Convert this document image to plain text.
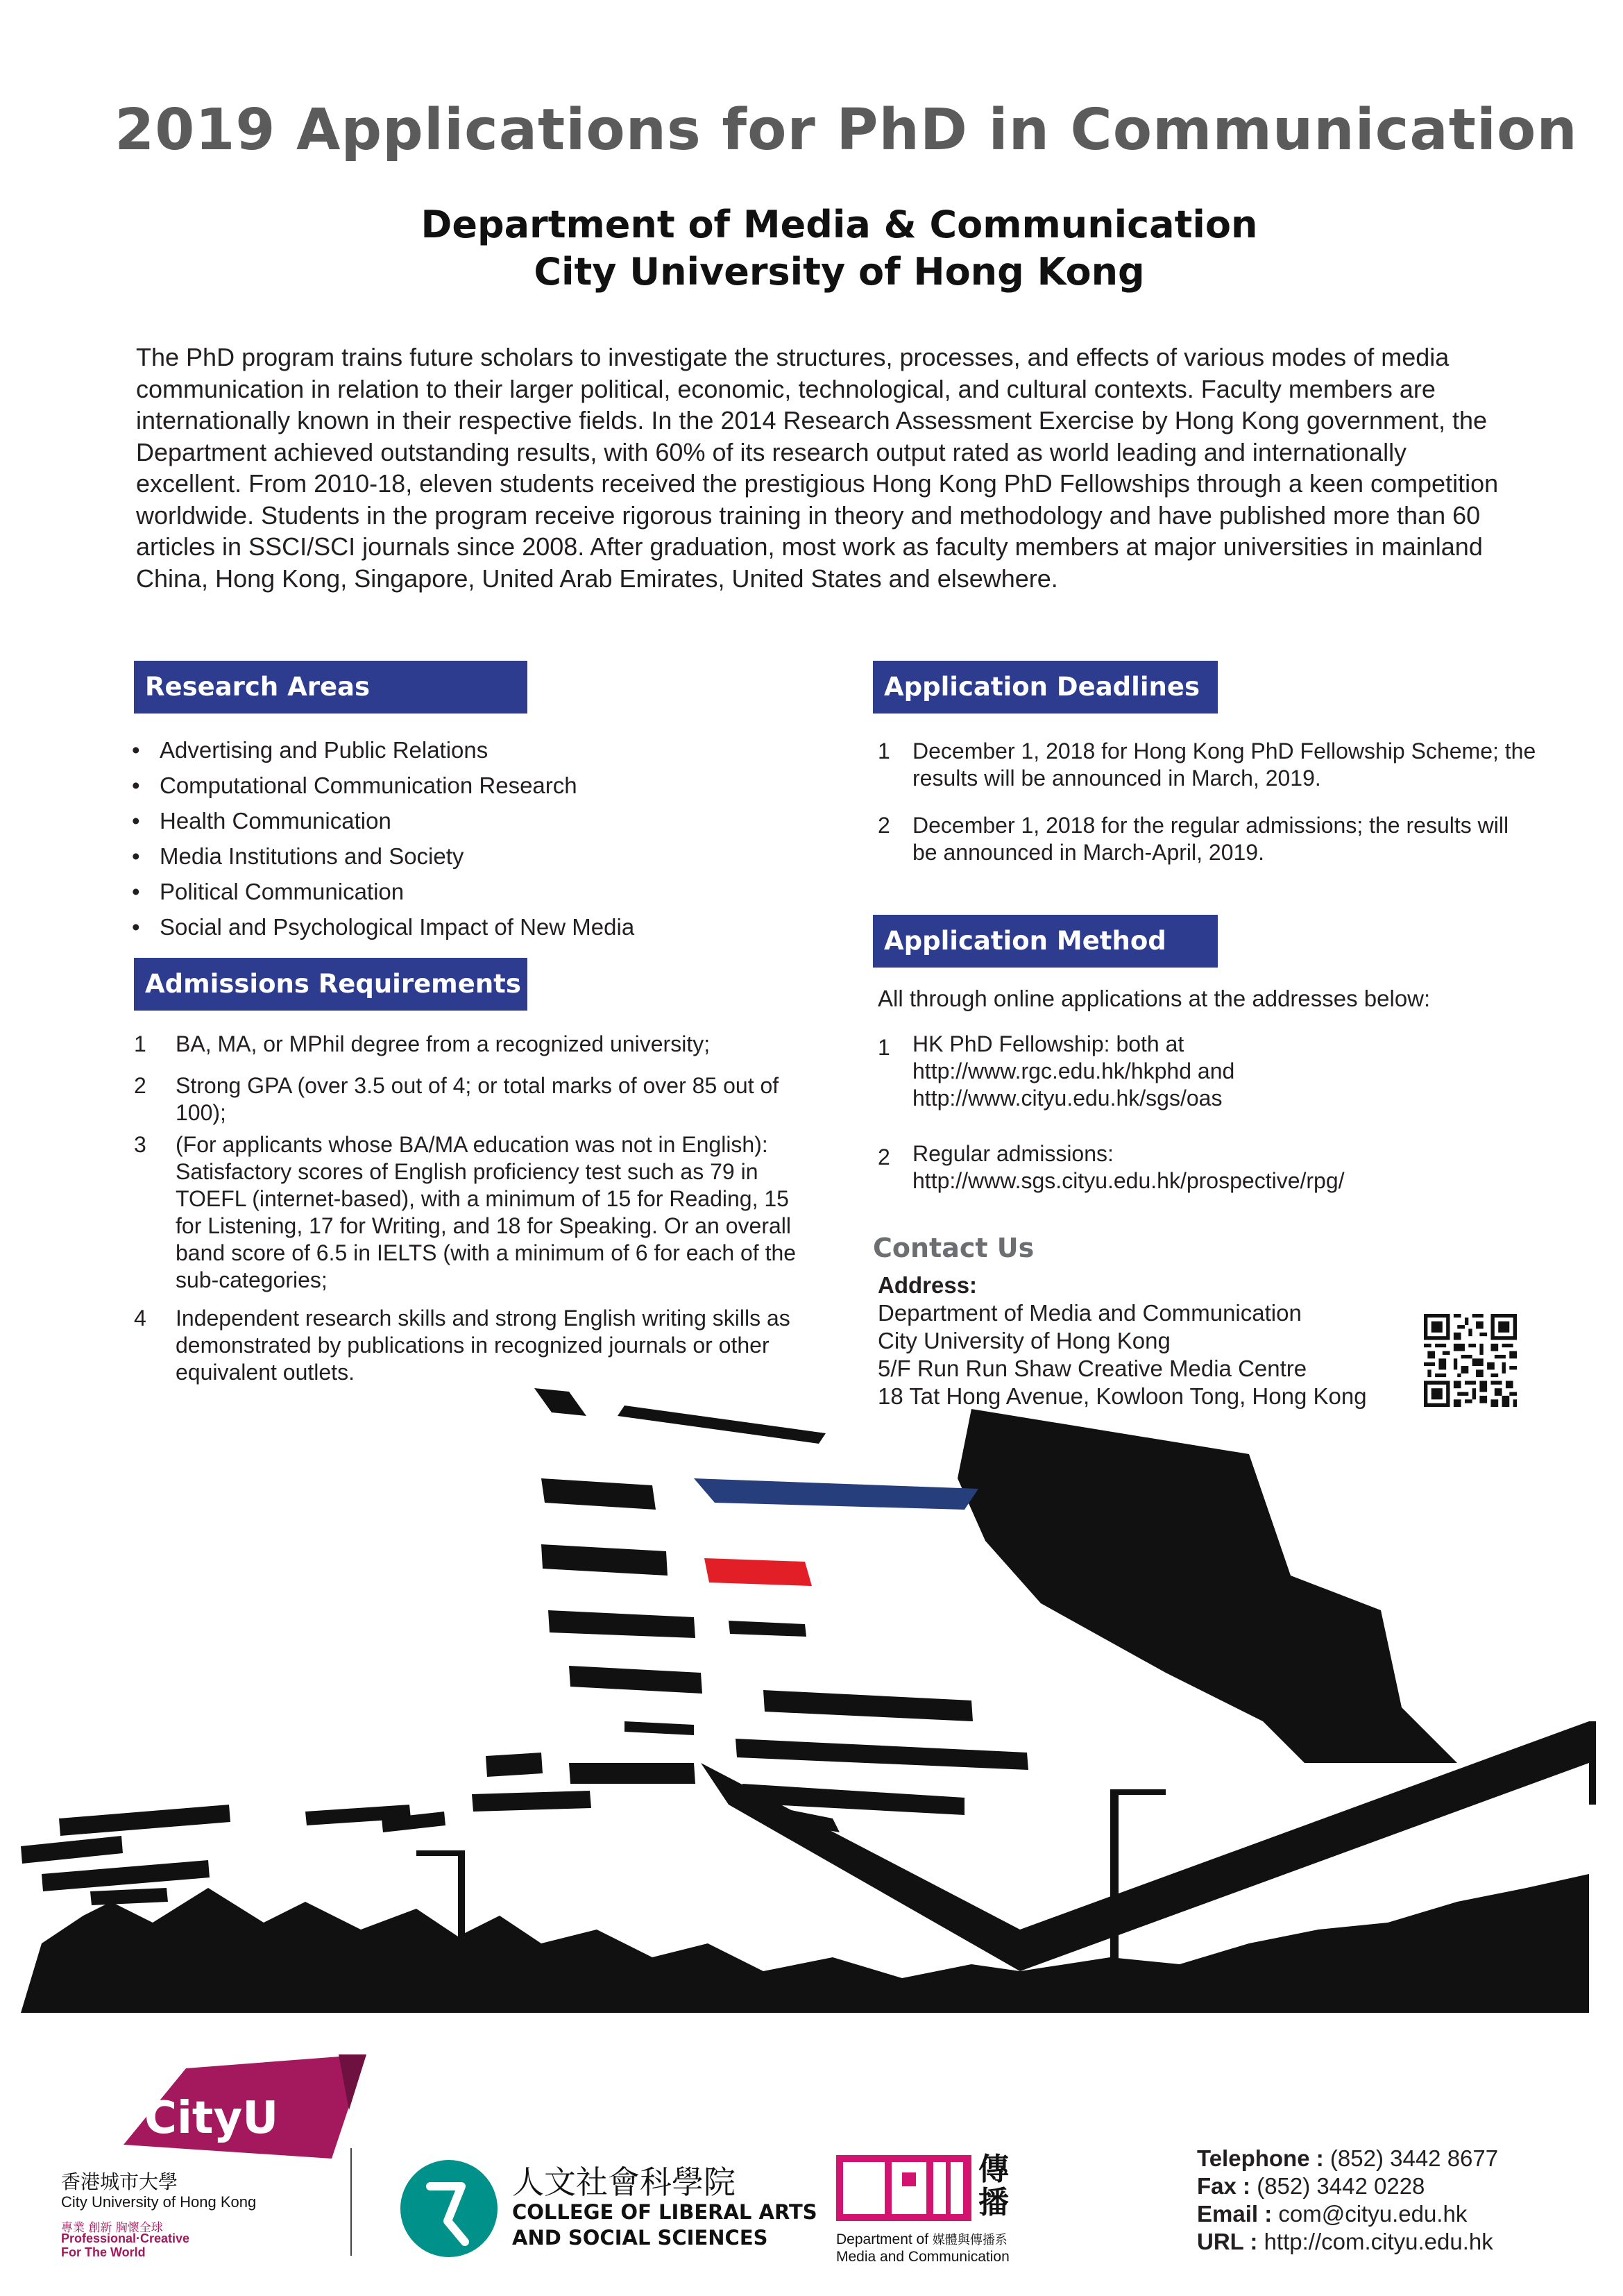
2019 Applications for PhD in Communication
Department of Media & Communication
City University of Hong Kong
The PhD program trains future scholars to investigate the structures, processes, and effects of various modes of media communication in relation to their larger political, economic, technological, and cultural contexts. Faculty members are internationally known in their respective fields. In the 2014 Research Assessment Exercise by Hong Kong government, the Department achieved outstanding results, with 60% of its research output rated as world leading and internationally excellent. From 2010-18, eleven students received the prestigious Hong Kong PhD Fellowships through a keen competition worldwide. Students in the program receive rigorous training in theory and methodology and have published more than 60 articles in SSCI/SCI journals since 2008. After graduation, most work as faculty members at major universities in mainland China, Hong Kong, Singapore, United Arab Emirates, United States and elsewhere.
Research Areas
• Advertising and Public Relations
• Computational Communication Research
• Health Communication
• Media Institutions and Society
• Political Communication
• Social and Psychological Impact of New Media
Admissions Requirements
1 BA, MA, or MPhil degree from a recognized university;
2 Strong GPA (over 3.5 out of 4; or total marks of over 85 out of 100);
3 (For applicants whose BA/MA education was not in English): Satisfactory scores of English proficiency test such as 79 in TOEFL (internet-based), with a minimum of 15 for Reading, 15 for Listening, 17 for Writing, and 18 for Speaking. Or an overall band score of 6.5 in IELTS (with a minimum of 6 for each of the sub-categories;
4 Independent research skills and strong English writing skills as demonstrated by publications in recognized journals or other equivalent outlets.
Application Deadlines
1 December 1, 2018 for Hong Kong PhD Fellowship Scheme; the results will be announced in March, 2019.
2 December 1, 2018 for the regular admissions; the results will be announced in March-April, 2019.
Application Method
All through online applications at the addresses below:
1 HK PhD Fellowship: both at
http://www.rgc.edu.hk/hkphd and
http://www.cityu.edu.hk/sgs/oas
2 Regular admissions:
http://www.sgs.cityu.edu.hk/prospective/rpg/
Contact Us
Address:
Department of Media and Communication
City University of Hong Kong
5/F Run Run Shaw Creative Media Centre
18 Tat Hong Avenue, Kowloon Tong, Hong Kong
CityU
香港城市大學
City University of Hong Kong
專業 創新 胸懷全球
Professional·Creative
For The World
人文社會科學院
COLLEGE OF LIBERAL ARTS
AND SOCIAL SCIENCES
傳播
Department of 媒體與傳播系
Media and Communication
Telephone : (852) 3442 8677
Fax : (852) 3442 0228
Email : com@cityu.edu.hk
URL : http://com.cityu.edu.hk
